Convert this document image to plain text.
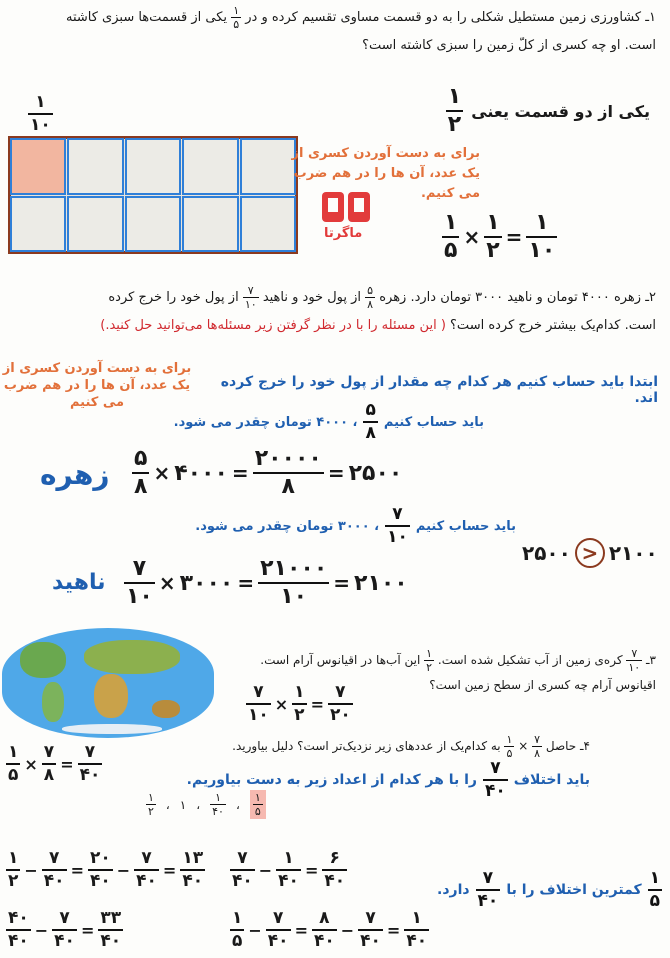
۱ـ کشاورزی زمین مستطیل شکلی را به دو قسمت مساوی تقسیم کرده و در
$\frac{۱}{۵}$
یکی از قسمت‌ها سبزی کاشته
است. او چه کسری از کلّ زمین را سبزی کاشته است؟
یکی از دو قسمت یعنی
$\frac{۱}{۲}$
۱
۱۰
برای به دست آوردن کسری از یک عدد، آن ها را در هم ضرب می کنیم.
ماگرتا	$\frac{۱}{۵} \times \frac{۱}{۲} = \frac{۱}{۱۰}$
۲ـ زهره ۴۰۰۰ تومان و ناهید ۳۰۰۰ تومان دارد. زهره
$\frac{۵}{۸}$
از پول خود و ناهید
$\frac{۷}{۱۰}$
از پول خود را خرج کرده
است. کدام‌یک بیشتر خرج کرده است؟ ( این مسئله را با در نظر گرفتن زیر مسئله‌ها می‌توانید حل کنید.)
برای به دست آوردن کسری از یک عدد، آن ها را در هم ضرب می کنیم
ابتدا باید حساب کنیم هر کدام چه مقدار از پول خود را خرج کرده اند.
باید حساب کنیم
$\frac{۵}{۸}$
، ۴۰۰۰ تومان چقدر می شود.
زهره $\frac{۵}{۸}$ × ۴۰۰۰ = $\frac{۲۰۰۰۰}{۸}$ = ۲۵۰۰
باید حساب کنیم
$\frac{۷}{۱۰}$
، ۳۰۰۰ تومان چقدر می شود.
۲۵۰۰ > ۲۱۰۰
ناهید $\frac{۷}{۱۰}$ × ۳۰۰۰ = $\frac{۲۱۰۰۰}{۱۰}$ = ۲۱۰۰
۳ـ
$\frac{۷}{۱۰}$
کره‌ی زمین از آب تشکیل شده است.
$\frac{۱}{۲}$
این آب‌ها در اقیانوس آرام است.
اقیانوس آرام چه کسری از سطح زمین است؟
$\frac{۷}{۱۰} \times \frac{۱}{۲} = \frac{۷}{۲۰}$
۴ـ حاصل
$\frac{۷}{۸}$
×
$\frac{۱}{۵}$
به کدام‌یک از عددهای زیر نزدیک‌تر است؟ دلیل بیاورید.
$\frac{۱}{۵} \times \frac{۷}{۸} = \frac{۷}{۴۰}$	باید اختلاف
$\frac{۷}{۴۰}$
را با هر کدام از اعداد زیر به دست بیاوریم.
$\frac{۱}{۲}$ ، ۱ ، $\frac{۱}{۴۰}$ ، $\frac{۱}{۵}$
$\frac{۱}{۲} - \frac{۷}{۴۰} = \frac{۲۰}{۴۰} - \frac{۷}{۴۰} = \frac{۱۳}{۴۰} \frac{۷}{۴۰} - \frac{۱}{۴۰} = \frac{۶}{۴۰}$	$\frac{۱}{۵}$
کمترین اختلاف را با
$\frac{۷}{۴۰}$
دارد.
$\frac{۴۰}{۴۰} - \frac{۷}{۴۰} = \frac{۳۳}{۴۰}$	$\frac{۱}{۵} - \frac{۷}{۴۰} = \frac{۸}{۴۰} - \frac{۷}{۴۰} = \frac{۱}{۴۰}$
